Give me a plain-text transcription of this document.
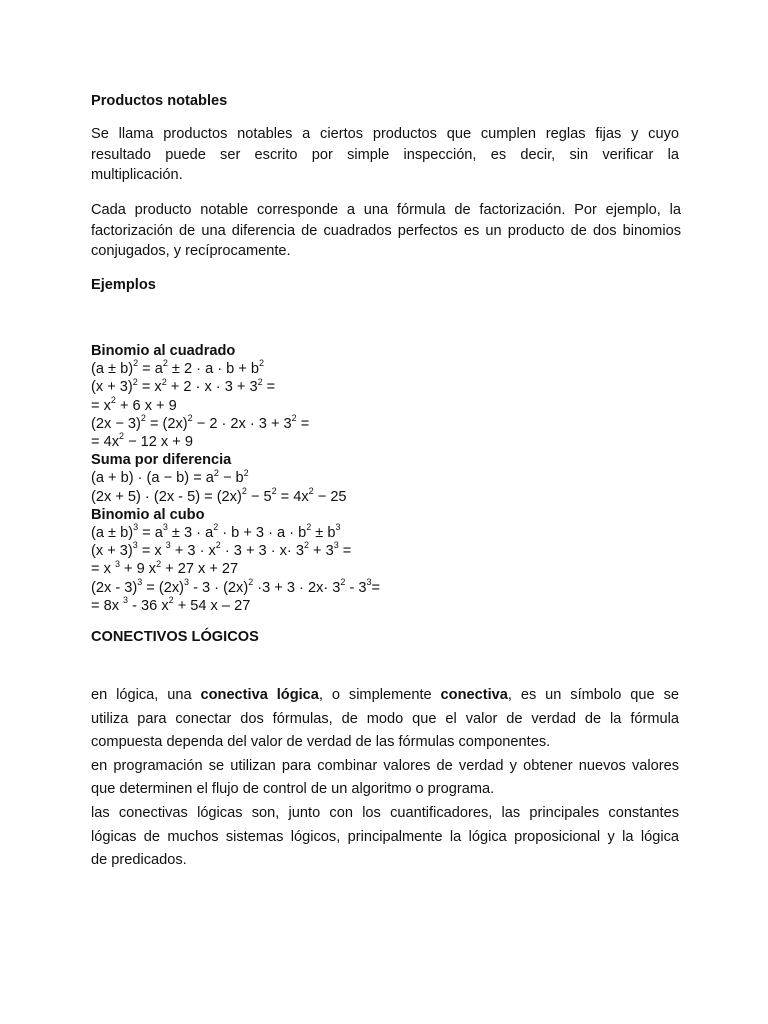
Productos notables
Se llama productos notables a ciertos productos que cumplen reglas fijas y cuyo
resultado puede ser escrito por simple inspección, es decir, sin verificar la
multiplicación.
Cada producto notable corresponde a una fórmula de factorización. Por ejemplo, la
factorización de una diferencia de cuadrados perfectos es un producto de dos binomios
conjugados, y recíprocamente.
Ejemplos
Binomio al cuadrado
$(a \pm b)^2 = a^2 \pm 2 \cdot a \cdot b + b^2$
$(x + 3)^2 = x^2 + 2 \cdot x \cdot 3 + 3^2$ =
= $x^2 + 6$ x + 9
$(2x - 3)^2 = (2x)^2 - 2 \cdot 2x \cdot 3 + 3^2$ =
= $4x^2 - 12$ x + 9
Suma por diferencia
$(a + b) \cdot (a - b) = a^2 - b^2$
$(2x + 5) \cdot (2x - 5) = (2x)^2 - 5^2 = 4x^2 - 25$
Binomio al cubo
$(a \pm b)^3 = a^3 \pm 3 \cdot a^2 \cdot b + 3 \cdot a \cdot b^2 \pm b^3$
$(x + 3)^3 = x$ $^3 + 3 \cdot x^2 \cdot 3 + 3 \cdot x\cdot 3^2 + 3^3$ =
= x $^3$ + 9 $x^2 + 27$ x + 27
$(2x - 3)^3 = (2x)^3 - 3 \cdot (2x)^2 \cdot 3 + 3 \cdot 2x\cdot 3^2 - 3^3=$
= 8x $^3$ - 36 $x^2 + 54$ x – 27
CONECTIVOS LÓGICOS
en lógica, una conectiva lógica, o simplemente conectiva, es un símbolo que se
utiliza para conectar dos fórmulas, de modo que el valor de verdad de la fórmula
compuesta dependa del valor de verdad de las fórmulas componentes.
en programación se utilizan para combinar valores de verdad y obtener nuevos valores
que determinen el flujo de control de un algoritmo o programa.
las conectivas lógicas son, junto con los cuantificadores, las principales constantes
lógicas de muchos sistemas lógicos, principalmente la lógica proposicional y la lógica
de predicados.
